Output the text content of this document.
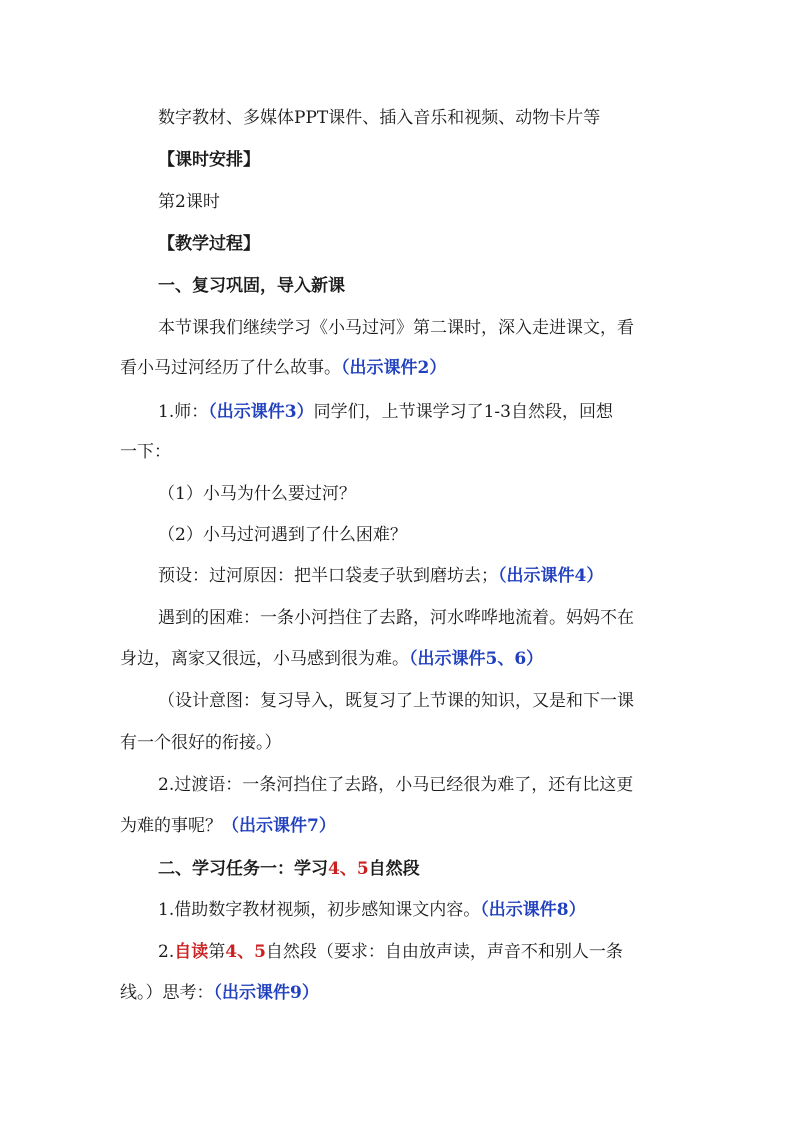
数字教材、多媒体PPT课件、插入音乐和视频、动物卡片等
【课时安排】
第2课时
【教学过程】
一、复习巩固，导入新课
本节课我们继续学习《小马过河》第二课时，深入走进课文，看
看小马过河经历了什么故事。（出示课件2）
1.师：（出示课件3）同学们，上节课学习了1-3自然段，回想
一下：
（1）小马为什么要过河？
（2）小马过河遇到了什么困难？
预设：过河原因：把半口袋麦子驮到磨坊去；（出示课件4）
遇到的困难：一条小河挡住了去路，河水哗哗地流着。妈妈不在
身边，离家又很远，小马感到很为难。（出示课件5、6）
（设计意图：复习导入，既复习了上节课的知识，又是和下一课
有一个很好的衔接。）
2.过渡语：一条河挡住了去路，小马已经很为难了，还有比这更
为难的事呢？（出示课件7）
二、学习任务一：学习4、5自然段
1.借助数字教材视频，初步感知课文内容。（出示课件8）
2.自读第4、5自然段（要求：自由放声读，声音不和别人一条
线。）思考：（出示课件9）
